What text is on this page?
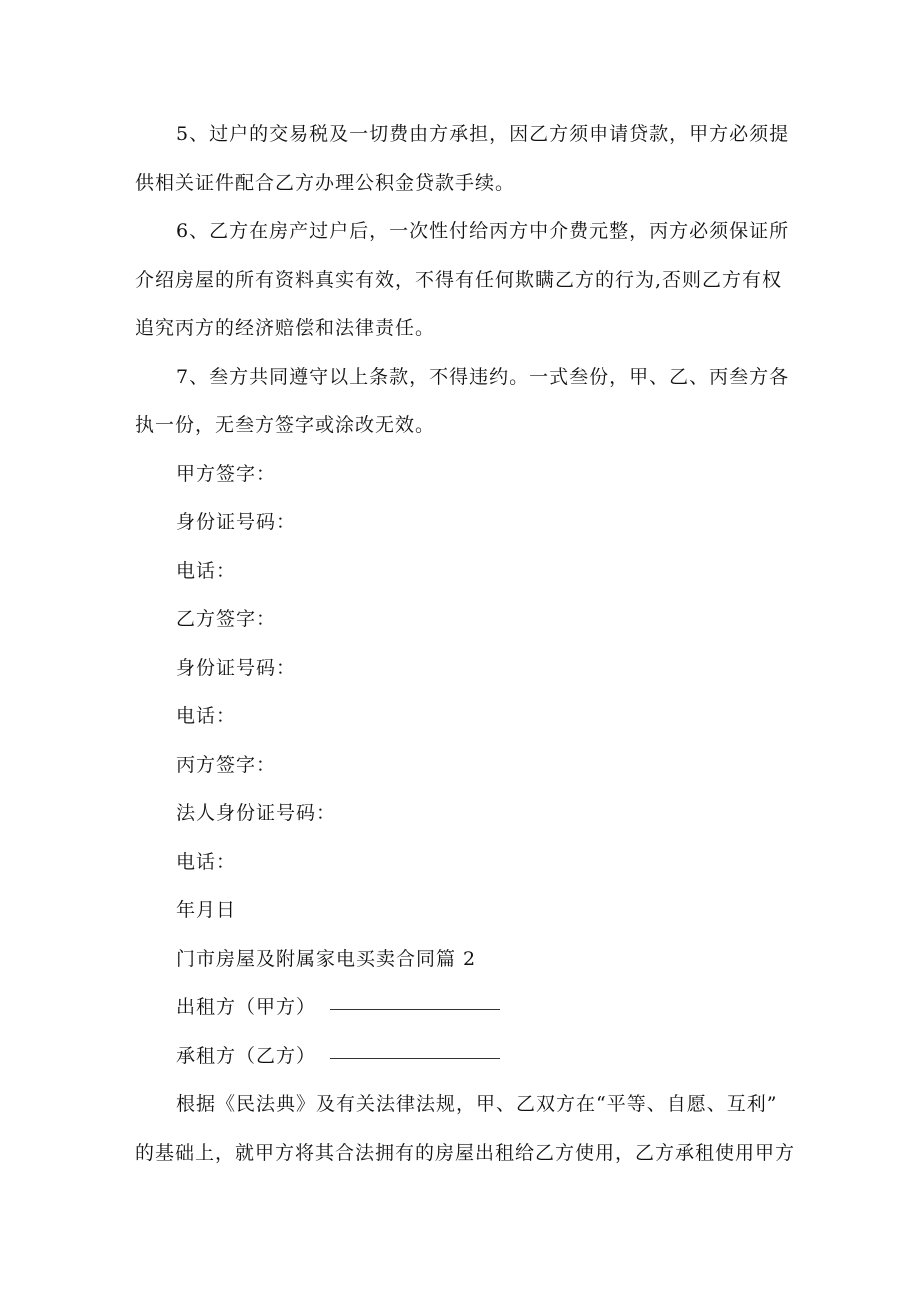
5、过户的交易税及一切费由方承担，因乙方须申请贷款，甲方必须提
供相关证件配合乙方办理公积金贷款手续。
6、乙方在房产过户后，一次性付给丙方中介费元整，丙方必须保证所
介绍房屋的所有资料真实有效，不得有任何欺瞒乙方的行为,否则乙方有权
追究丙方的经济赔偿和法律责任。
7、叁方共同遵守以上条款，不得违约。一式叁份，甲、乙、丙叁方各
执一份，无叁方签字或涂改无效。
甲方签字：
身份证号码：
电话：
乙方签字：
身份证号码：
电话：
丙方签字：
法人身份证号码：
电话：
年月日
门市房屋及附属家电买卖合同篇 2
出租方（甲方）
承租方（乙方）
根据《民法典》及有关法律法规，甲、乙双方在“平等、自愿、互利”
的基础上，就甲方将其合法拥有的房屋出租给乙方使用，乙方承租使用甲方
